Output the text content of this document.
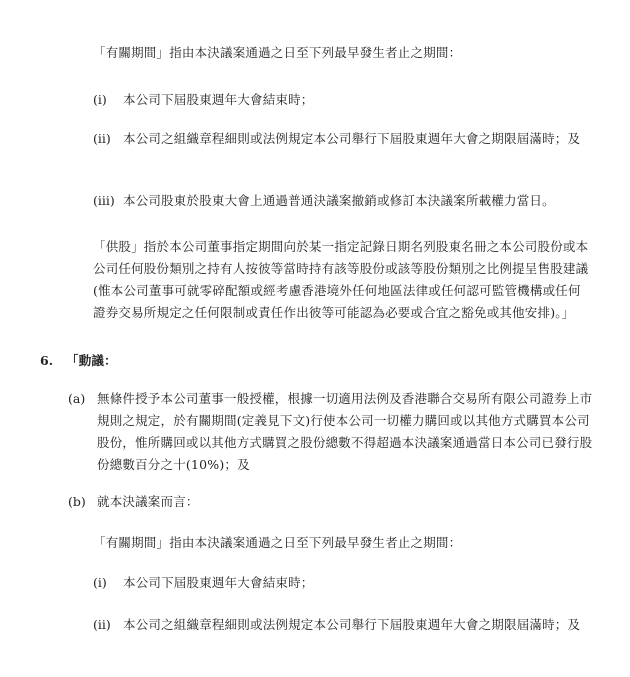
「有關期間」指由本決議案通過之日至下列最早發生者止之期間：
(i) 本公司下屆股東週年大會結束時；
(ii) 本公司之組織章程細則或法例規定本公司舉行下屆股東週年大會之期限屆滿時；及
(iii) 本公司股東於股東大會上通過普通決議案撤銷或修訂本決議案所載權力當日。
「供股」指於本公司董事指定期間向於某一指定記錄日期名列股東名冊之本公司股份或本公司任何股份類別之持有人按彼等當時持有該等股份或該等股份類別之比例提呈售股建議(惟本公司董事可就零碎配額或經考慮香港境外任何地區法律或任何認可監管機構或任何證券交易所規定之任何限制或責任作出彼等可能認為必要或合宜之豁免或其他安排)。」
6. 「動議：
(a) 無條件授予本公司董事一般授權，根據一切適用法例及香港聯合交易所有限公司證券上市規則之規定，於有關期間(定義見下文)行使本公司一切權力購回或以其他方式購買本公司股份，惟所購回或以其他方式購買之股份總數不得超過本決議案通過當日本公司已發行股份總數百分之十(10%)；及
(b) 就本決議案而言：
「有關期間」指由本決議案通過之日至下列最早發生者止之期間：
(i) 本公司下屆股東週年大會結束時；
(ii) 本公司之組織章程細則或法例規定本公司舉行下屆股東週年大會之期限屆滿時；及
